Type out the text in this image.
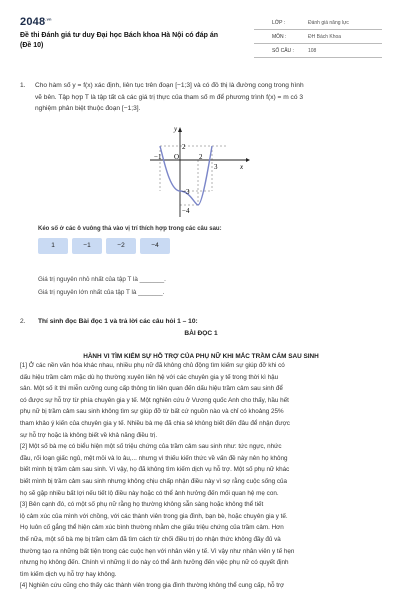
$2048^{.vn}$
Đề thi Đánh giá tư duy Đại học Bách khoa Hà Nội có đáp án
(Đề 10)
LỚP :	Đánh giá năng lực
MÔN :	ĐH Bách Khoa
SỐ CÂU :	108
1. Cho hàm số y = f(x) xác định, liên tục trên đoạn [−1;3] và có đồ thị là đường cong trong hình
vẽ bên. Tập hợp T là tập tất cả các giá trị thực của tham số m để phương trình f(x) = m có 3
nghiệm phân biệt thuộc đoạn [−1;3].
y
x
−1 O	2
3
2
−3
−4
Kéo số ở các ô vuông thả vào vị trí thích hợp trong các câu sau:
1	−1	−2	−4
Giá trị nguyên nhỏ nhất của tập T là _______.
Giá trị nguyên lớn nhất của tập T là _______.
2. Thí sinh đọc Bài đọc 1 và trả lời các câu hỏi 1 – 10:
BÀI ĐỌC 1
HÀNH VI TÌM KIẾM SỰ HỖ TRỢ CỦA PHỤ NỮ KHI MẮC TRẦM CẢM SAU SINH

[1] Ở các nền văn hóa khác nhau, nhiều phụ nữ đã không chủ động tìm kiếm sự giúp đỡ khi có

dấu hiệu trầm cảm mặc dù họ thường xuyên liên hệ với các chuyên gia y tế trong thời kì hậu

sản. Một số ít thì miễn cưỡng cung cấp thông tin liên quan đến dấu hiệu trầm cảm sau sinh để

có được sự hỗ trợ từ phía chuyên gia y tế. Một nghiên cứu ở Vương quốc Anh cho thấy, hầu hết

phụ nữ bị trầm cảm sau sinh không tìm sự giúp đỡ từ bất cứ nguồn nào và chỉ có khoảng 25%

tham khảo ý kiến của chuyên gia y tế. Nhiều bà mẹ đã chia sẻ không biết đến đâu để nhận được

sự hỗ trợ hoặc là không biết về khả năng điều trị.

[2] Một số bà mẹ có biểu hiện một số triệu chứng của trầm cảm sau sinh như: tức ngực, nhức

đầu, rối loạn giấc ngủ, mệt mỏi và lo âu,... nhưng vì thiếu kiến thức về vấn đề này nên họ không

biết mình bị trầm cảm sau sinh. Vì vậy, họ đã không tìm kiếm dịch vụ hỗ trợ. Một số phụ nữ khác

biết mình bị trầm cảm sau sinh nhưng không chịu chấp nhận điều này vì sợ rằng cuộc sống của

họ sẽ gặp nhiều bất lợi nếu tiết lộ điều này hoặc có thể ảnh hưởng đến mối quan hệ mẹ con.

[3] Bên cạnh đó, có một số phụ nữ rằng họ thường không sẵn sàng hoặc không thể tiết

lộ cảm xúc của mình với chồng, với các thành viên trong gia đình, bạn bè, hoặc chuyên gia y tế.

Họ luôn cố gắng thể hiện cảm xúc bình thường nhằm che giấu triệu chứng của trầm cảm. Hơn

thế nữa, một số bà mẹ bị trầm cảm đã tìm cách từ chối điều trị do nhận thức không đầy đủ và

thường tạo ra những bất tiện trong các cuộc hẹn với nhân viên y tế. Vì vậy như nhân viên y tế hẹn

nhưng họ không đến. Chính vì những lí do này có thể ảnh hưởng đến việc phụ nữ có quyết định

tìm kiếm dịch vụ hỗ trợ hay không.

[4] Nghiên cứu cũng cho thấy các thành viên trong gia đình thường không thể cung cấp, hỗ trợ
